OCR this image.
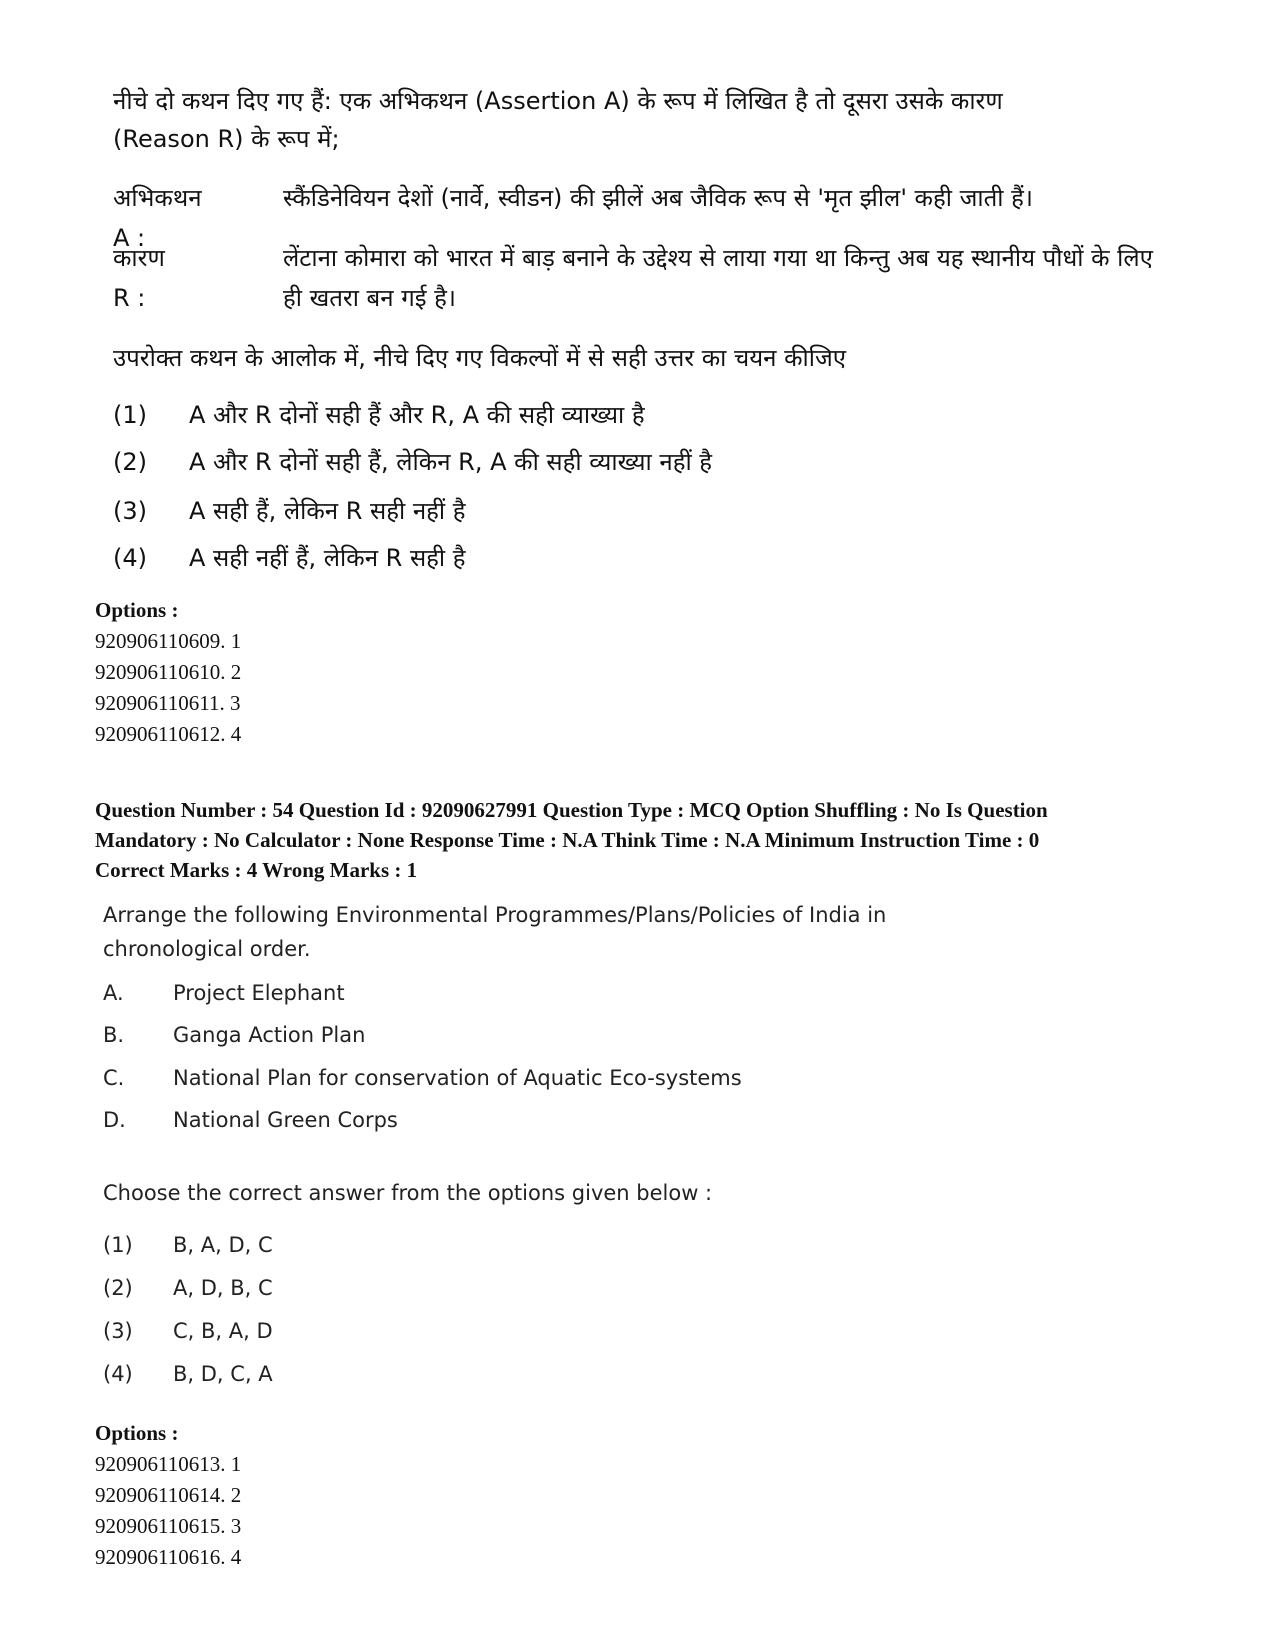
नीचे दो कथन दिए गए हैं: एक अभिकथन (Assertion A) के रूप में लिखित है तो दूसरा उसके कारण (Reason R) के रूप में;
अभिकथन A :
स्कैंडिनेवियन देशों (नार्वे, स्वीडन) की झीलें अब जैविक रूप से 'मृत झील' कही जाती हैं।
कारण R :
लेंटाना कोमारा को भारत में बाड़ बनाने के उद्देश्य से लाया गया था किन्तु अब यह स्थानीय पौधों के लिए ही खतरा बन गई है।
उपरोक्त कथन के आलोक में, नीचे दिए गए विकल्पों में से सही उत्तर का चयन कीजिए
(1) A और R दोनों सही हैं और R, A की सही व्याख्या है
(2) A और R दोनों सही हैं, लेकिन R, A की सही व्याख्या नहीं है
(3) A सही हैं, लेकिन R सही नहीं है
(4) A सही नहीं हैं, लेकिन R सही है
Options :
920906110609. 1
920906110610. 2
920906110611. 3
920906110612. 4
Question Number : 54 Question Id : 92090627991 Question Type : MCQ Option Shuffling : No Is Question
Mandatory : No Calculator : None Response Time : N.A Think Time : N.A Minimum Instruction Time : 0
Correct Marks : 4 Wrong Marks : 1
Arrange the following Environmental Programmes/Plans/Policies of India in chronological order.
A. Project Elephant
B. Ganga Action Plan
C. National Plan for conservation of Aquatic Eco-systems
D. National Green Corps
Choose the correct answer from the options given below :
(1) B, A, D, C
(2) A, D, B, C
(3) C, B, A, D
(4) B, D, C, A
Options :
920906110613. 1
920906110614. 2
920906110615. 3
920906110616. 4
